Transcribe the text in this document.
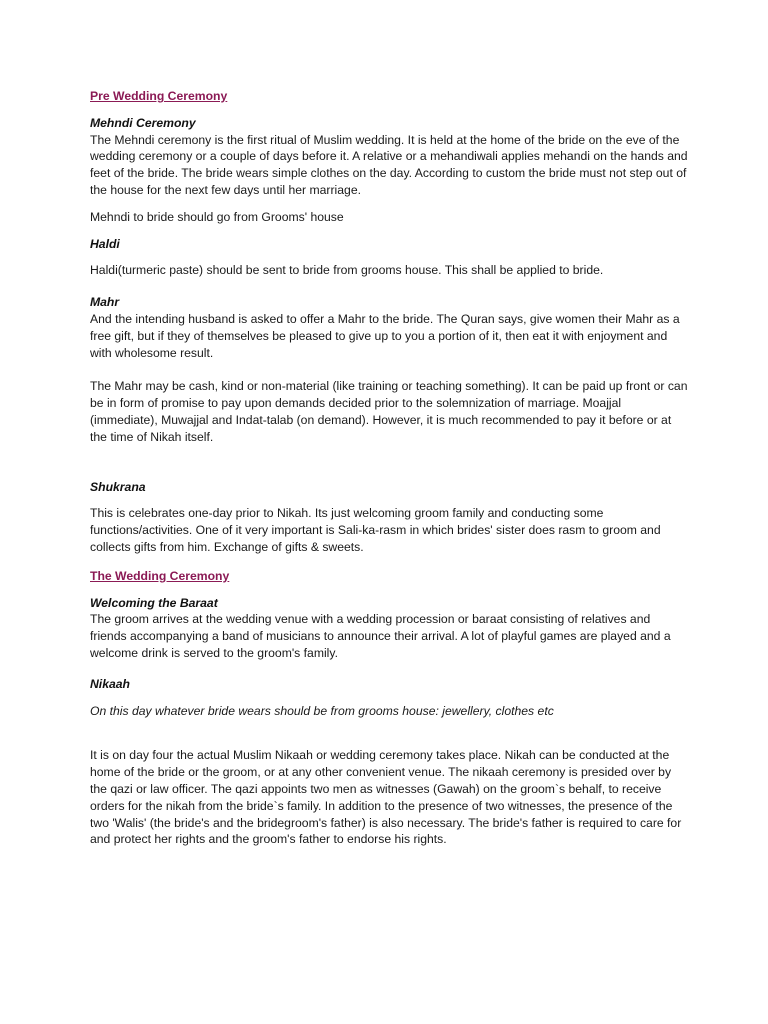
Pre Wedding Ceremony
Mehndi Ceremony

The Mehndi ceremony is the first ritual of Muslim wedding. It is held at the home of the bride on the eve of the wedding ceremony or a couple of days before it. A relative or a mehandiwali applies mehandi on the hands and feet of the bride. The bride wears simple clothes on the day. According to custom the bride must not step out of the house for the next few days until her marriage.

Mehndi to bride should go from Grooms' house

Haldi

Haldi(turmeric paste) should be sent to bride from grooms house. This shall be applied to bride.

Mahr

And the intending husband is asked to offer a Mahr to the bride. The Quran says, give women their Mahr as a free gift, but if they of themselves be pleased to give up to you a portion of it, then eat it with enjoyment and with wholesome result.

The Mahr may be cash, kind or non-material (like training or teaching something). It can be paid up front or can be in form of promise to pay upon demands decided prior to the solemnization of marriage. Moajjal (immediate), Muwajjal and Indat-talab (on demand). However, it is much recommended to pay it before or at the time of Nikah itself.

Shukrana

This is celebrates one-day prior to Nikah. Its just welcoming groom family and conducting some functions/activities. One of it very important is Sali-ka-rasm in which brides' sister does rasm to groom and collects gifts from him. Exchange of gifts & sweets.

The Wedding Ceremony
Welcoming the Baraat

The groom arrives at the wedding venue with a wedding procession or baraat consisting of relatives and friends accompanying a band of musicians to announce their arrival. A lot of playful games are played and a welcome drink is served to the groom's family.

Nikaah

On this day whatever bride wears should be from grooms house: jewellery, clothes etc

It is on day four the actual Muslim Nikaah or wedding ceremony takes place. Nikah can be conducted at the home of the bride or the groom, or at any other convenient venue. The nikaah ceremony is presided over by the qazi or law officer. The qazi appoints two men as witnesses (Gawah) on the groom`s behalf, to receive orders for the nikah from the bride`s family. In addition to the presence of two witnesses, the presence of the two 'Walis' (the bride's and the bridegroom's father) is also necessary. The bride's father is required to care for and protect her rights and the groom's father to endorse his rights.
